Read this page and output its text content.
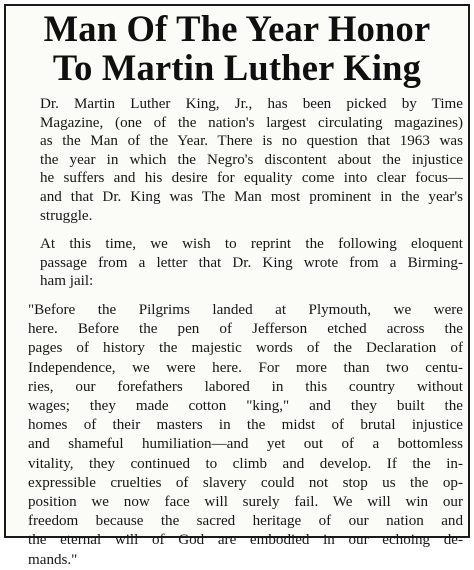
Man Of The Year Honor
To Martin Luther King

Dr. Martin Luther King, Jr., has been picked by Time
Magazine, (one of the nation's largest circulating magazines)
as the Man of the Year. There is no question that 1963 was
the year in which the Negro's discontent about the injustice
he suffers and his desire for equality come into clear focus—
and that Dr. King was The Man most prominent in the year's
struggle.

At this time, we wish to reprint the following eloquent
passage from a letter that Dr. King wrote from a Birming-
ham jail:

"Before the Pilgrims landed at Plymouth, we were
here. Before the pen of Jefferson etched across the
pages of history the majestic words of the Declaration of
Independence, we were here. For more than two centu-
ries, our forefathers labored in this country without
wages; they made cotton "king," and they built the
homes of their masters in the midst of brutal injustice
and shameful humiliation—and yet out of a bottomless
vitality, they continued to climb and develop. If the in-
expressible cruelties of slavery could not stop us the op-
position we now face will surely fail. We will win our
freedom because the sacred heritage of our nation and
the eternal will of God are embodied in our echoing de-
mands."
